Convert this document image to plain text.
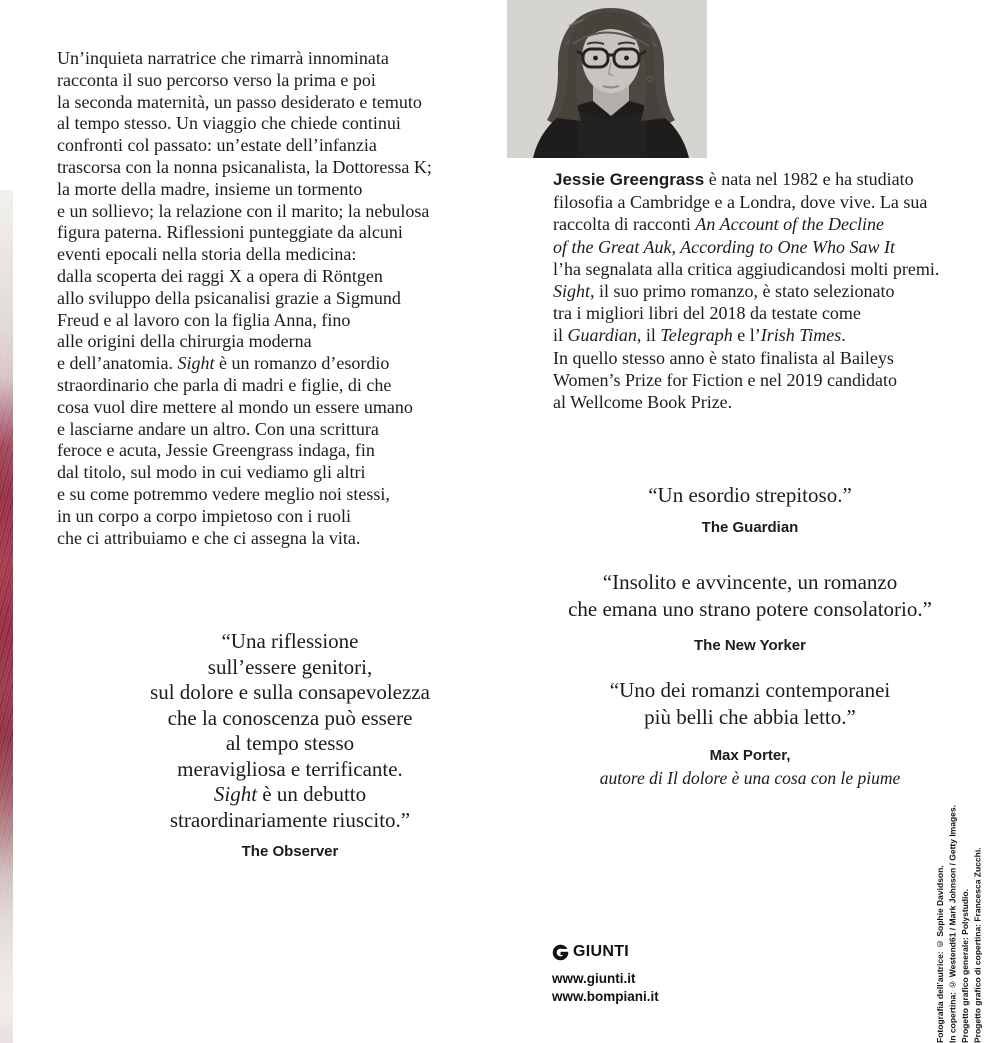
Un’inquieta narratrice che rimarrà innominata
racconta il suo percorso verso la prima e poi
la seconda maternità, un passo desiderato e temuto
al tempo stesso. Un viaggio che chiede continui
confronti col passato: un’estate dell’infanzia
trascorsa con la nonna psicanalista, la Dottoressa K;
la morte della madre, insieme un tormento
e un sollievo; la relazione con il marito; la nebulosa
figura paterna. Riflessioni punteggiate da alcuni
eventi epocali nella storia della medicina:
dalla scoperta dei raggi X a opera di Röntgen
allo sviluppo della psicanalisi grazie a Sigmund
Freud e al lavoro con la figlia Anna, fino
alle origini della chirurgia moderna
e dell’anatomia. Sight è un romanzo d’esordio
straordinario che parla di madri e figlie, di che
cosa vuol dire mettere al mondo un essere umano
e lasciarne andare un altro. Con una scrittura
feroce e acuta, Jessie Greengrass indaga, fin
dal titolo, sul modo in cui vediamo gli altri
e su come potremmo vedere meglio noi stessi,
in un corpo a corpo impietoso con i ruoli
che ci attribuiamo e che ci assegna la vita.

“Una riflessione
sull’essere genitori,
sul dolore e sulla consapevolezza
che la conoscenza può essere
al tempo stesso
meravigliosa e terrificante.
Sight è un debutto
straordinariamente riuscito.”

The Observer

Jessie Greengrass è nata nel 1982 e ha studiato
filosofia a Cambridge e a Londra, dove vive. La sua
raccolta di racconti An Account of the Decline
of the Great Auk, According to One Who Saw It
l’ha segnalata alla critica aggiudicandosi molti premi.
Sight, il suo primo romanzo, è stato selezionato
tra i migliori libri del 2018 da testate come
il Guardian, il Telegraph e l’Irish Times.
In quello stesso anno è stato finalista al Baileys
Women’s Prize for Fiction e nel 2019 candidato
al Wellcome Book Prize.

“Un esordio strepitoso.”

The Guardian

“Insolito e avvincente, un romanzo
che emana uno strano potere consolatorio.”

The New Yorker

“Uno dei romanzi contemporanei
più belli che abbia letto.”

Max Porter,

autore di Il dolore è una cosa con le piume

GIUNTI

www.giunti.it

www.bompiani.it	Fotografia dell’autrice: © Sophie Davidson. In copertina: © Westend61 / Mark Johnson / Getty Images. Progetto grafico generale: Polystudio. Progetto grafico di copertina: Francesca Zucchi.
